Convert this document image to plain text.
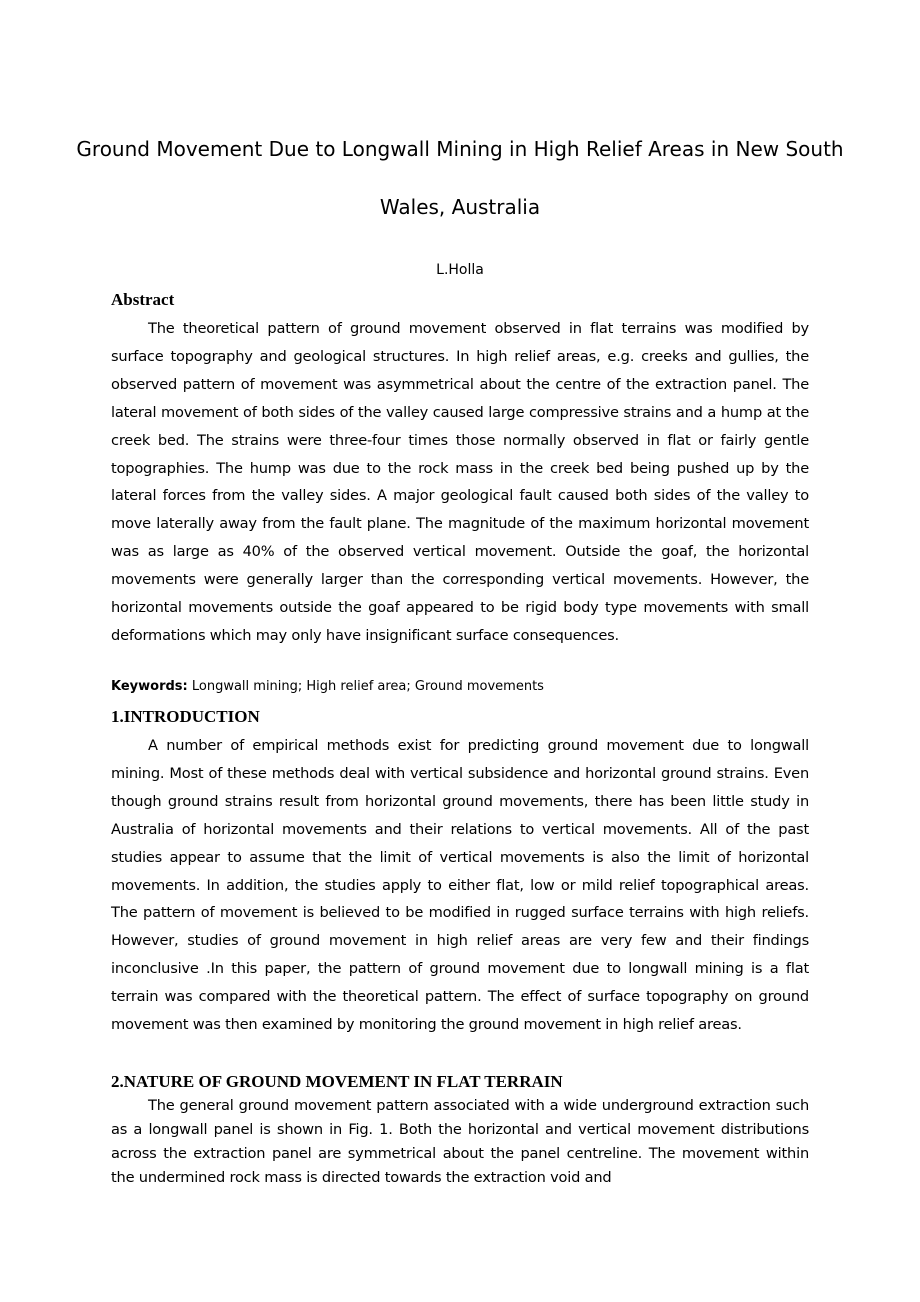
Ground Movement Due to Longwall Mining in High Relief Areas in New South Wales, Australia
L.Holla
Abstract

The theoretical pattern of ground movement observed in flat terrains was modified by surface topography and geological structures. In high relief areas, e.g. creeks and gullies, the observed pattern of movement was asymmetrical about the centre of the extraction panel. The lateral movement of both sides of the valley caused large compressive strains and a hump at the creek bed. The strains were three-four times those normally observed in flat or fairly gentle topographies. The hump was due to the rock mass in the creek bed being pushed up by the lateral forces from the valley sides. A major geological fault caused both sides of the valley to move laterally away from the fault plane. The magnitude of the maximum horizontal movement was as large as 40% of the observed vertical movement. Outside the goaf, the horizontal movements were generally larger than the corresponding vertical movements. However, the horizontal movements outside the goaf appeared to be rigid body type movements with small deformations which may only have insignificant surface consequences.

Keywords: Longwall mining; High relief area; Ground movements
1.INTRODUCTION

A number of empirical methods exist for predicting ground movement due to longwall mining. Most of these methods deal with vertical subsidence and horizontal ground strains. Even though ground strains result from horizontal ground movements, there has been little study in Australia of horizontal movements and their relations to vertical movements. All of the past studies appear to assume that the limit of vertical movements is also the limit of horizontal movements. In addition, the studies apply to either flat, low or mild relief topographical areas. The pattern of movement is believed to be modified in rugged surface terrains with high reliefs. However, studies of ground movement in high relief areas are very few and their findings inconclusive .In this paper, the pattern of ground movement due to longwall mining is a flat terrain was compared with the theoretical pattern. The effect of surface topography on ground movement was then examined by monitoring the ground movement in high relief areas.

2.NATURE OF GROUND MOVEMENT IN FLAT TERRAIN

The general ground movement pattern associated with a wide underground extraction such as a longwall panel is shown in Fig. 1. Both the horizontal and vertical movement distributions across the extraction panel are symmetrical about the panel centreline. The movement within the undermined rock mass is directed towards the extraction void and
